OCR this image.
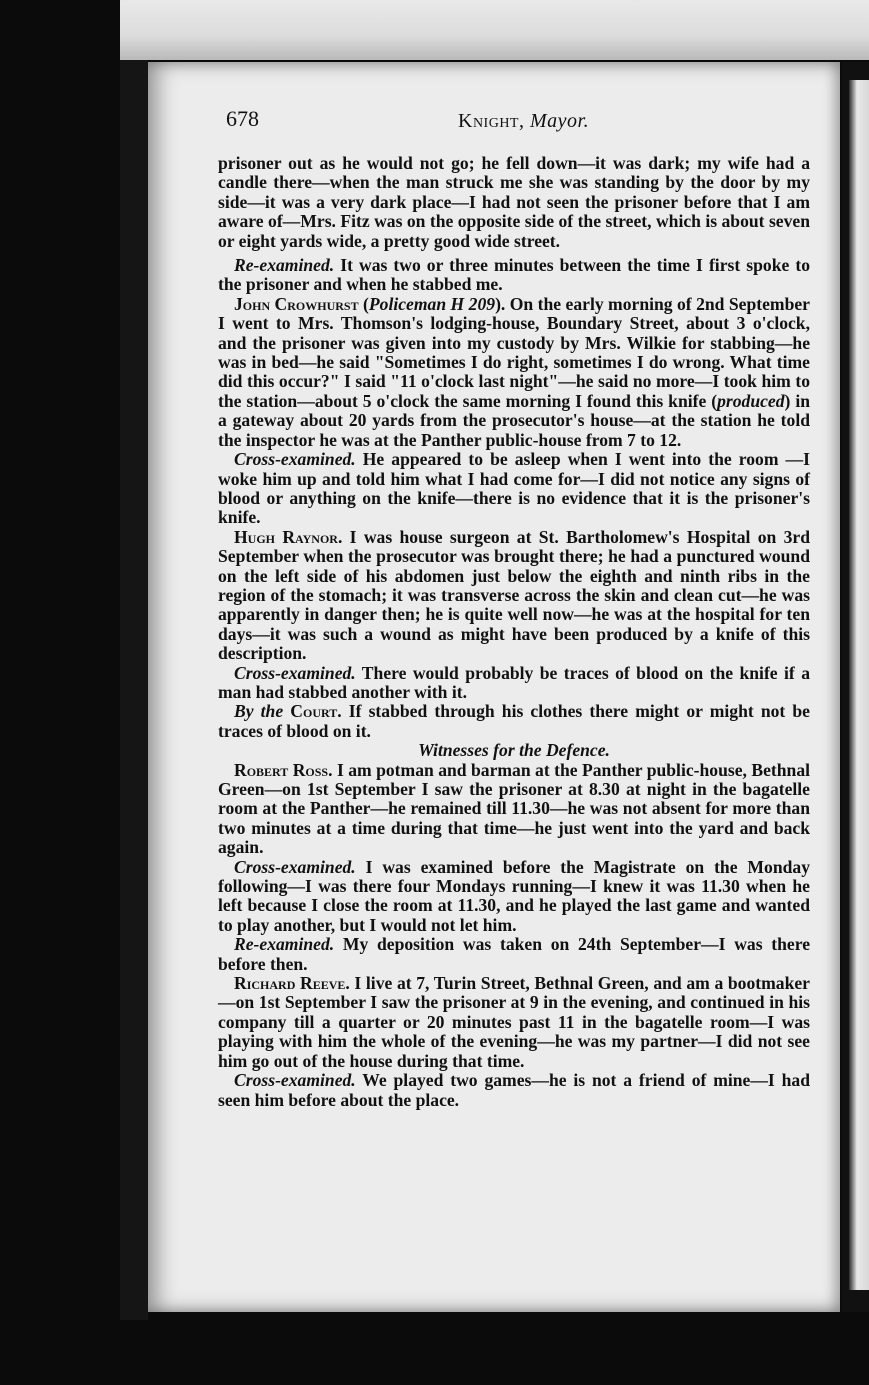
678	Knight, Mayor.

prisoner out as he would not go; he fell down—it was dark; my wife had a candle there—when the man struck me she was standing by the door by my side—it was a very dark place—I had not seen the prisoner before that I am aware of—Mrs. Fitz was on the opposite side of the street, which is about seven or eight yards wide, a pretty good wide street.

Re-examined. It was two or three minutes between the time I first spoke to the prisoner and when he stabbed me.

John Crowhurst (Policeman H 209). On the early morning of 2nd September I went to Mrs. Thomson's lodging-house, Boundary Street, about 3 o'clock, and the prisoner was given into my custody by Mrs. Wilkie for stabbing—he was in bed—he said "Sometimes I do right, sometimes I do wrong. What time did this occur?" I said "11 o'clock last night"—he said no more—I took him to the station—about 5 o'clock the same morning I found this knife (produced) in a gateway about 20 yards from the prosecutor's house—at the station he told the inspector he was at the Panther public-house from 7 to 12.

Cross-examined. He appeared to be asleep when I went into the room —I woke him up and told him what I had come for—I did not notice any signs of blood or anything on the knife—there is no evidence that it is the prisoner's knife.

Hugh Raynor. I was house surgeon at St. Bartholomew's Hospital on 3rd September when the prosecutor was brought there; he had a punctured wound on the left side of his abdomen just below the eighth and ninth ribs in the region of the stomach; it was transverse across the skin and clean cut—he was apparently in danger then; he is quite well now—he was at the hospital for ten days—it was such a wound as might have been produced by a knife of this description.

Cross-examined. There would probably be traces of blood on the knife if a man had stabbed another with it.

By the Court. If stabbed through his clothes there might or might not be traces of blood on it.

Witnesses for the Defence.

Robert Ross. I am potman and barman at the Panther public-house, Bethnal Green—on 1st September I saw the prisoner at 8.30 at night in the bagatelle room at the Panther—he remained till 11.30—he was not absent for more than two minutes at a time during that time—he just went into the yard and back again.

Cross-examined. I was examined before the Magistrate on the Monday following—I was there four Mondays running—I knew it was 11.30 when he left because I close the room at 11.30, and he played the last game and wanted to play another, but I would not let him.

Re-examined. My deposition was taken on 24th September—I was there before then.

Richard Reeve. I live at 7, Turin Street, Bethnal Green, and am a bootmaker—on 1st September I saw the prisoner at 9 in the evening, and continued in his company till a quarter or 20 minutes past 11 in the bagatelle room—I was playing with him the whole of the evening—he was my partner—I did not see him go out of the house during that time.

Cross-examined. We played two games—he is not a friend of mine—I had seen him before about the place.
